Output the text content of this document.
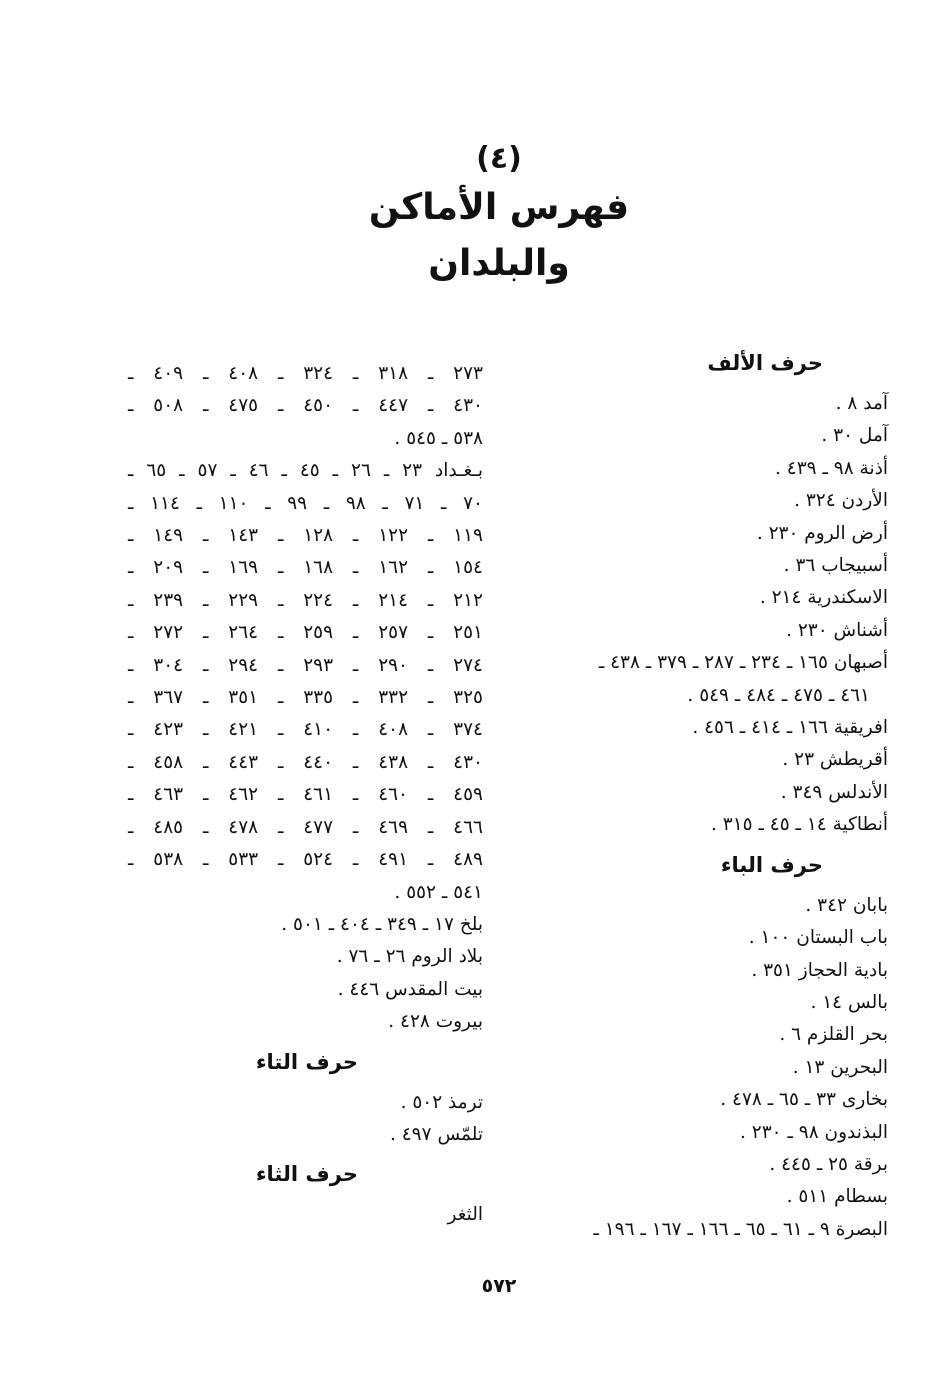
(٤)
فهرس الأماكن
والبلدان
حرف الألف
آمد ٨ .
آمل ٣٠ .
أذنة ٩٨ ـ ٤٣٩ .
الأردن ٣٢٤ .
أرض الروم ٢٣٠ .
أسبيجاب ٣٦ .
الاسكندرية ٢١٤ .
أشناش ٢٣٠ .
أصبهان ١٦٥ ـ ٢٣٤ ـ ٢٨٧ ـ ٣٧٩ ـ ٤٣٨ ـ
٤٦١ ـ ٤٧٥ ـ ٤٨٤ ـ ٥٤٩ .
افريقية ١٦٦ ـ ٤١٤ ـ ٤٥٦ .
أقريطش ٢٣ .
الأندلس ٣٤٩ .
أنطاكية ١٤ ـ ٤٥ ـ ٣١٥ .
حرف الباء
بابان ٣٤٢ .
باب البستان ١٠٠ .
بادية الحجاز ٣٥١ .
بالس ١٤ .
بحر القلزم ٦ .
البحرين ١٣ .
بخارى ٣٣ ـ ٦٥ ـ ٤٧٨ .
البذندون ٩٨ ـ ٢٣٠ .
برقة ٢٥ ـ ٤٤٥ .
بسطام ٥١١ .
البصرة ٩ ـ ٦١ ـ ٦٥ ـ ١٦٦ ـ ١٦٧ ـ ١٩٦ ـ
٢٧٣ ـ ٣١٨ ـ ٣٢٤ ـ ٤٠٨ ـ ٤٠٩ ـ
٤٣٠ ـ ٤٤٧ ـ ٤٥٠ ـ ٤٧٥ ـ ٥٠٨ ـ
٥٣٨ ـ ٥٤٥ .
بـغـداد ٢٣ ـ ٢٦ ـ ٤٥ ـ ٤٦ ـ ٥٧ ـ ٦٥ ـ
٧٠ ـ ٧١ ـ ٩٨ ـ ٩٩ ـ ١١٠ ـ ١١٤ ـ
١١٩ ـ ١٢٢ ـ ١٢٨ ـ ١٤٣ ـ ١٤٩ ـ
١٥٤ ـ ١٦٢ ـ ١٦٨ ـ ١٦٩ ـ ٢٠٩ ـ
٢١٢ ـ ٢١٤ ـ ٢٢٤ ـ ٢٢٩ ـ ٢٣٩ ـ
٢٥١ ـ ٢٥٧ ـ ٢٥٩ ـ ٢٦٤ ـ ٢٧٢ ـ
٢٧٤ ـ ٢٩٠ ـ ٢٩٣ ـ ٢٩٤ ـ ٣٠٤ ـ
٣٢٥ ـ ٣٣٢ ـ ٣٣٥ ـ ٣٥١ ـ ٣٦٧ ـ
٣٧٤ ـ ٤٠٨ ـ ٤١٠ ـ ٤٢١ ـ ٤٢٣ ـ
٤٣٠ ـ ٤٣٨ ـ ٤٤٠ ـ ٤٤٣ ـ ٤٥٨ ـ
٤٥٩ ـ ٤٦٠ ـ ٤٦١ ـ ٤٦٢ ـ ٤٦٣ ـ
٤٦٦ ـ ٤٦٩ ـ ٤٧٧ ـ ٤٧٨ ـ ٤٨٥ ـ
٤٨٩ ـ ٤٩١ ـ ٥٢٤ ـ ٥٣٣ ـ ٥٣٨ ـ
٥٤١ ـ ٥٥٢ .
بلخ ١٧ ـ ٣٤٩ ـ ٤٠٤ ـ ٥٠١ .
بلاد الروم ٢٦ ـ ٧٦ .
بيت المقدس ٤٤٦ .
بيروت ٤٢٨ .
حرف التاء
ترمذ ٥٠٢ .
تلمّس ٤٩٧ .
حرف الثاء
الثغر
٥٧٢
